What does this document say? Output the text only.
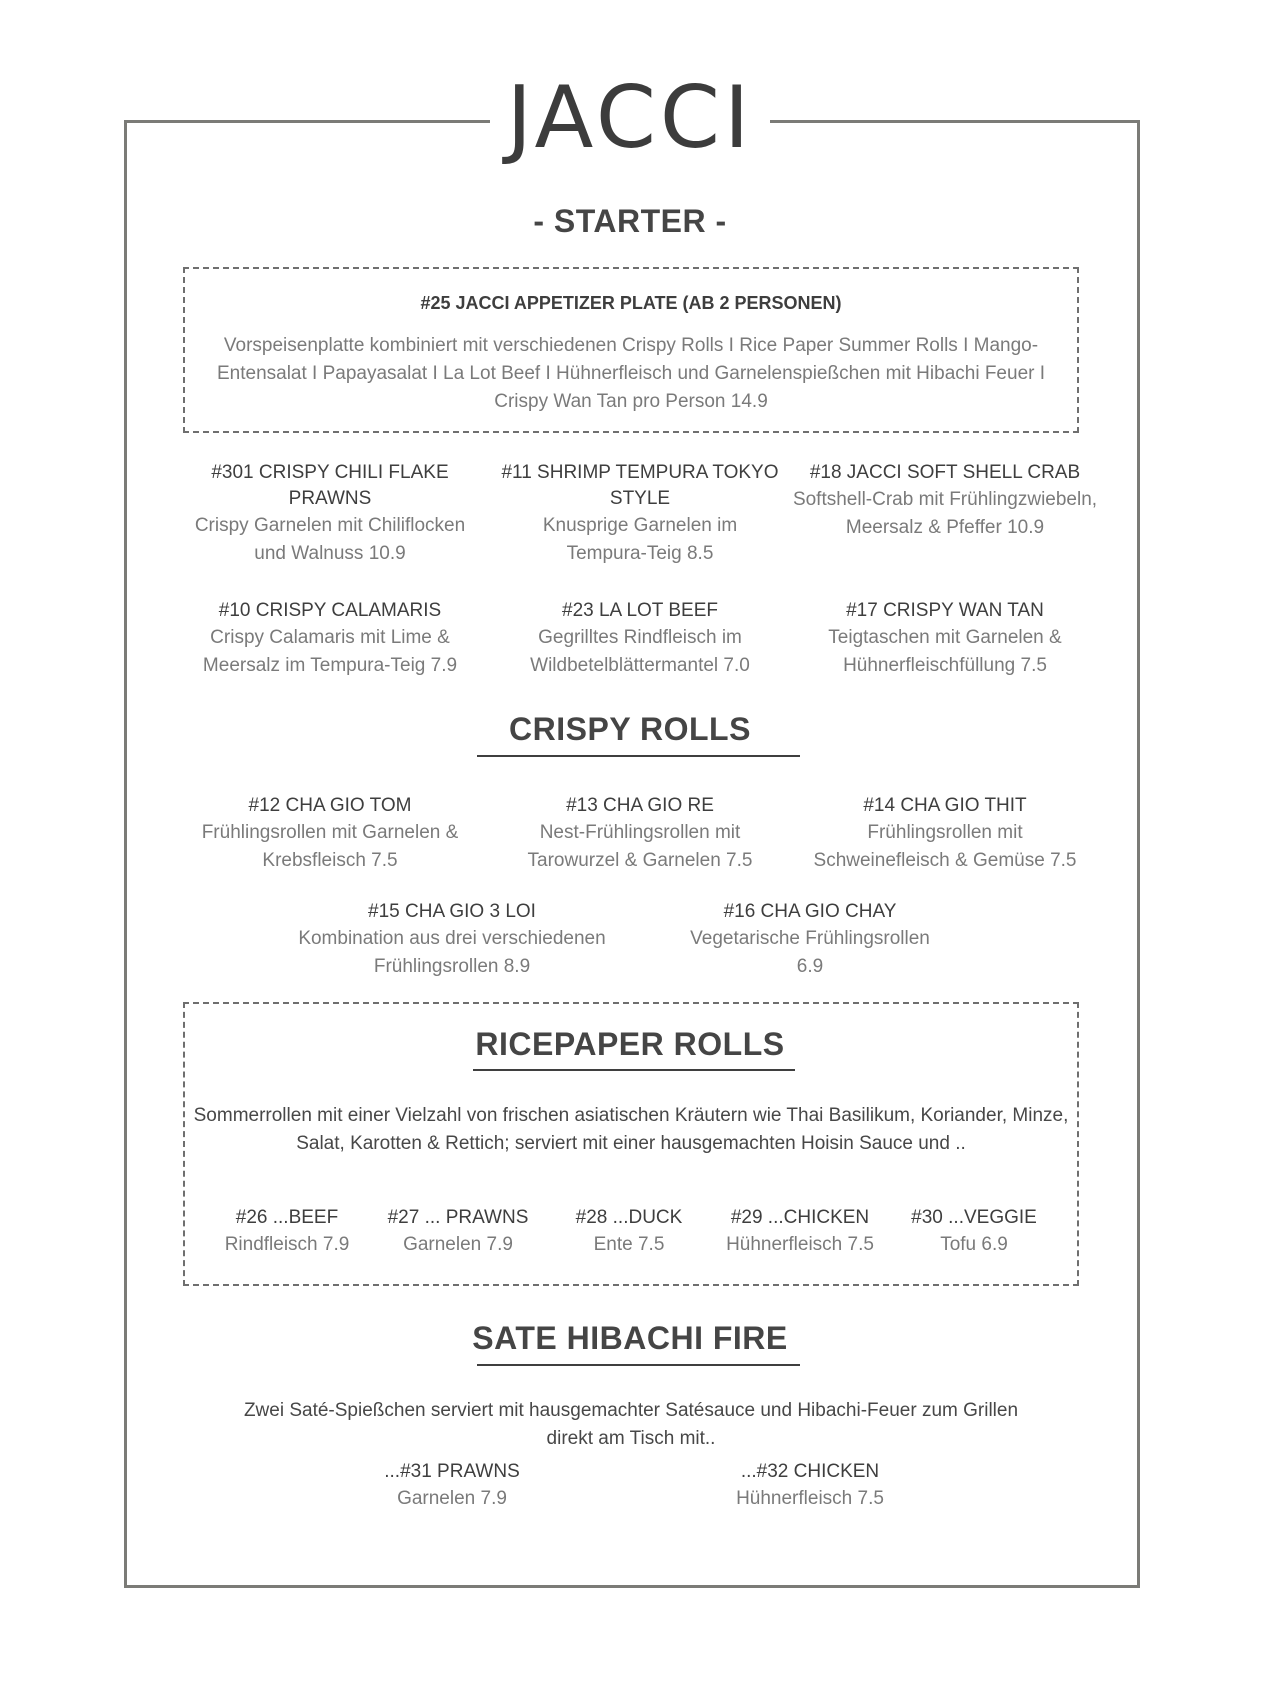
JACCI
- STARTER -
#25 JACCI APPETIZER PLATE (AB 2 PERSONEN)
Vorspeisenplatte kombiniert mit verschiedenen Crispy Rolls I Rice Paper Summer Rolls I Mango-
Entensalat I Papayasalat I La Lot Beef I Hühnerfleisch und Garnelenspießchen mit Hibachi Feuer I
Crispy Wan Tan pro Person 14.9
#301 CRISPY CHILI FLAKE PRAWNS
Crispy Garnelen mit Chiliflocken
und Walnuss 10.9
#11 SHRIMP TEMPURA TOKYO STYLE
Knusprige Garnelen im
Tempura-Teig 8.5
#18 JACCI SOFT SHELL CRAB
Softshell-Crab mit Frühlingzwiebeln,
Meersalz & Pfeffer 10.9
#10 CRISPY CALAMARIS
Crispy Calamaris mit Lime &
Meersalz im Tempura-Teig 7.9
#23 LA LOT BEEF
Gegrilltes Rindfleisch im
Wildbetelblättermantel 7.0
#17 CRISPY WAN TAN
Teigtaschen mit Garnelen &
Hühnerfleischfüllung 7.5
CRISPY ROLLS
#12 CHA GIO TOM
Frühlingsrollen mit Garnelen &
Krebsfleisch 7.5
#13 CHA GIO RE
Nest-Frühlingsrollen mit
Tarowurzel & Garnelen 7.5
#14 CHA GIO THIT
Frühlingsrollen mit
Schweinefleisch & Gemüse 7.5
#15 CHA GIO 3 LOI
Kombination aus drei verschiedenen
Frühlingsrollen 8.9
#16 CHA GIO CHAY
Vegetarische Frühlingsrollen
6.9
RICEPAPER ROLLS
Sommerrollen mit einer Vielzahl von frischen asiatischen Kräutern wie Thai Basilikum, Koriander, Minze,
Salat, Karotten & Rettich; serviert mit einer hausgemachten Hoisin Sauce und ..
#26 ...BEEF
Rindfleisch 7.9
#27 ... PRAWNS
Garnelen 7.9
#28 ...DUCK
Ente 7.5
#29 ...CHICKEN
Hühnerfleisch 7.5
#30 ...VEGGIE
Tofu 6.9
SATE HIBACHI FIRE
Zwei Saté-Spießchen serviert mit hausgemachter Satésauce und Hibachi-Feuer zum Grillen
direkt am Tisch mit..
...#31 PRAWNS
Garnelen 7.9
...#32 CHICKEN
Hühnerfleisch 7.5
